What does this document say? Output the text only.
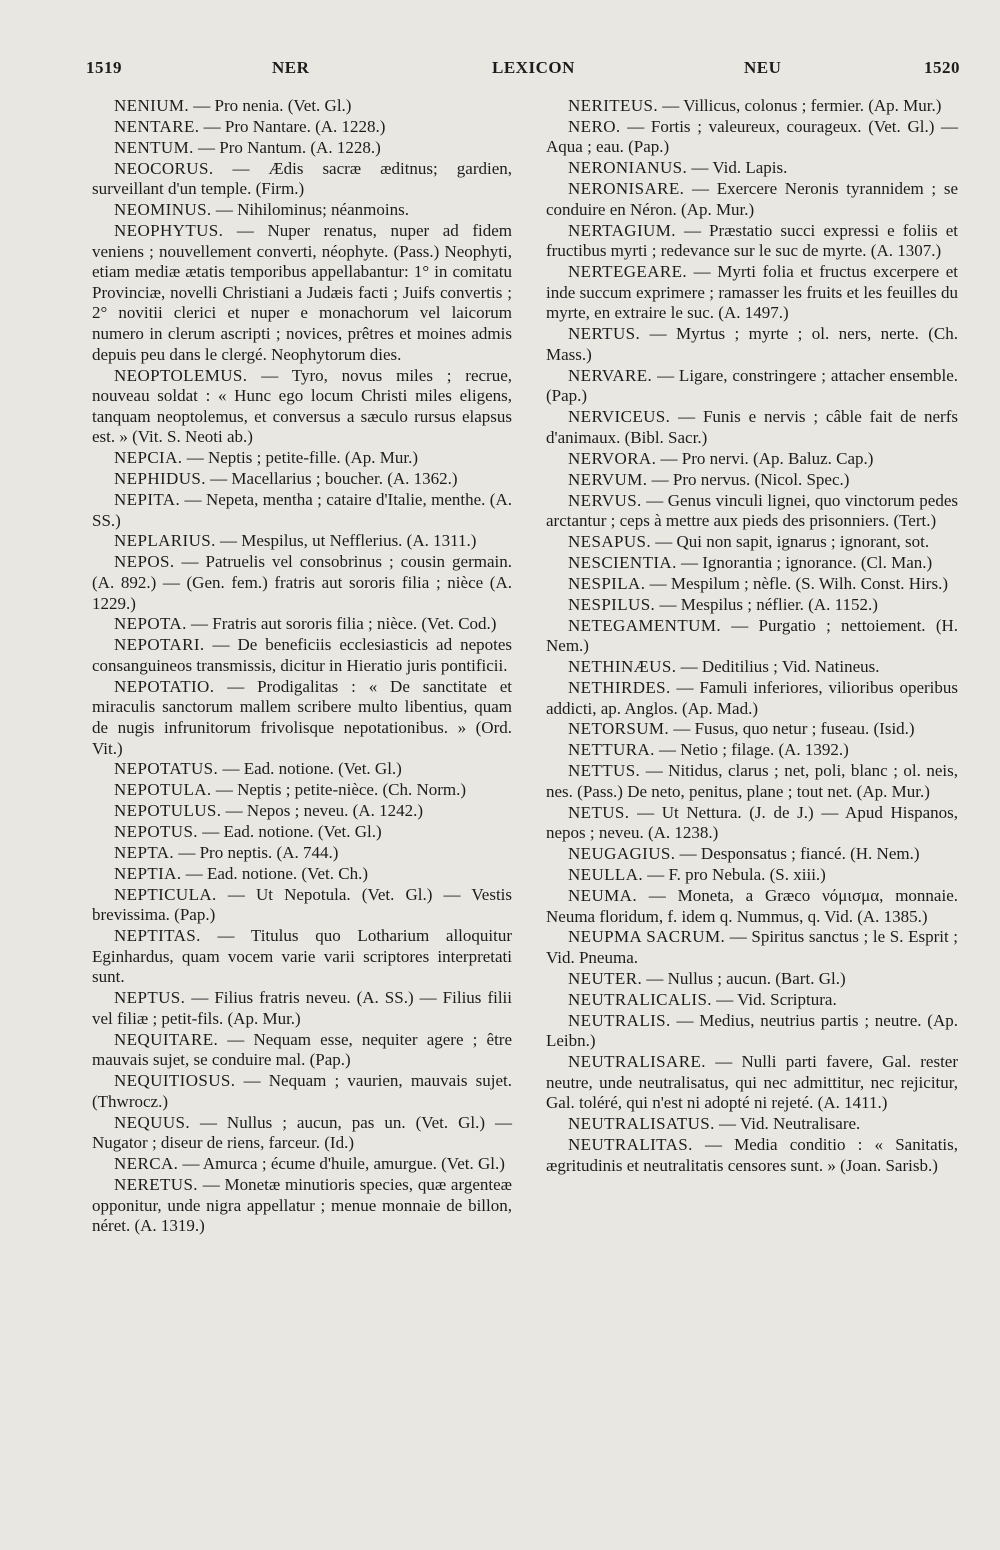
1519	NER	LEXICON	NEU	1520

NENIUM. — Pro nenia. (Vet. Gl.)

NENTARE. — Pro Nantare. (A. 1228.)

NENTUM. — Pro Nantum. (A. 1228.)

NEOCORUS. — Ædis sacræ æditnus; gardien, surveillant d'un temple. (Firm.)

NEOMINUS. — Nihilominus; néanmoins.

NEOPHYTUS. — Nuper renatus, nuper ad fidem veniens ; nouvellement converti, néophyte. (Pass.) Neophyti, etiam mediæ ætatis temporibus appellabantur: 1° in comitatu Provinciæ, novelli Christiani a Judæis facti ; Juifs convertis ; 2° novitii clerici et nuper e monachorum vel laicorum numero in clerum ascripti ; novices, prêtres et moines admis depuis peu dans le clergé. Neophytorum dies.

NEOPTOLEMUS. — Tyro, novus miles ; recrue, nouveau soldat : « Hunc ego locum Christi miles eligens, tanquam neoptolemus, et conversus a sæculo rursus elapsus est. » (Vit. S. Neoti ab.)

NEPCIA. — Neptis ; petite-fille. (Ap. Mur.)

NEPHIDUS. — Macellarius ; boucher. (A. 1362.)

NEPITA. — Nepeta, mentha ; cataire d'Italie, menthe. (A. SS.)

NEPLARIUS. — Mespilus, ut Nefflerius. (A. 1311.)

NEPOS. — Patruelis vel consobrinus ; cousin germain. (A. 892.) — (Gen. fem.) fratris aut sororis filia ; nièce (A. 1229.)

NEPOTA. — Fratris aut sororis filia ; nièce. (Vet. Cod.)

NEPOTARI. — De beneficiis ecclesiasticis ad nepotes consanguineos transmissis, dicitur in Hieratio juris pontificii.

NEPOTATIO. — Prodigalitas : « De sanctitate et miraculis sanctorum mallem scribere multo libentius, quam de nugis infrunitorum frivolisque nepotationibus. » (Ord. Vit.)

NEPOTATUS. — Ead. notione. (Vet. Gl.)

NEPOTULA. — Neptis ; petite-nièce. (Ch. Norm.)

NEPOTULUS. — Nepos ; neveu. (A. 1242.)

NEPOTUS. — Ead. notione. (Vet. Gl.)

NEPTA. — Pro neptis. (A. 744.)

NEPTIA. — Ead. notione. (Vet. Ch.)

NEPTICULA. — Ut Nepotula. (Vet. Gl.) — Vestis brevissima. (Pap.)

NEPTITAS. — Titulus quo Lotharium alloquitur Eginhardus, quam vocem varie varii scriptores interpretati sunt.

NEPTUS. — Filius fratris neveu. (A. SS.) — Filius filii vel filiæ ; petit-fils. (Ap. Mur.)

NEQUITARE. — Nequam esse, nequiter agere ; être mauvais sujet, se conduire mal. (Pap.)

NEQUITIOSUS. — Nequam ; vaurien, mauvais sujet. (Thwrocz.)

NEQUUS. — Nullus ; aucun, pas un. (Vet. Gl.) — Nugator ; diseur de riens, farceur. (Id.)

NERCA. — Amurca ; écume d'huile, amurgue. (Vet. Gl.)

NERETUS. — Monetæ minutioris species, quæ argenteæ opponitur, unde nigra appellatur ; menue monnaie de billon, néret. (A. 1319.)

NERITEUS. — Villicus, colonus ; fermier. (Ap. Mur.)

NERO. — Fortis ; valeureux, courageux. (Vet. Gl.) — Aqua ; eau. (Pap.)

NERONIANUS. — Vid. Lapis.

NERONISARE. — Exercere Neronis tyrannidem ; se conduire en Néron. (Ap. Mur.)

NERTAGIUM. — Præstatio succi expressi e foliis et fructibus myrti ; redevance sur le suc de myrte. (A. 1307.)

NERTEGEARE. — Myrti folia et fructus excerpere et inde succum exprimere ; ramasser les fruits et les feuilles du myrte, en extraire le suc. (A. 1497.)

NERTUS. — Myrtus ; myrte ; ol. ners, nerte. (Ch. Mass.)

NERVARE. — Ligare, constringere ; attacher ensemble. (Pap.)

NERVICEUS. — Funis e nervis ; câble fait de nerfs d'animaux. (Bibl. Sacr.)

NERVORA. — Pro nervi. (Ap. Baluz. Cap.)

NERVUM. — Pro nervus. (Nicol. Spec.)

NERVUS. — Genus vinculi lignei, quo vinctorum pedes arctantur ; ceps à mettre aux pieds des prisonniers. (Tert.)

NESAPUS. — Qui non sapit, ignarus ; ignorant, sot.

NESCIENTIA. — Ignorantia ; ignorance. (Cl. Man.)

NESPILA. — Mespilum ; nèfle. (S. Wilh. Const. Hirs.)

NESPILUS. — Mespilus ; néflier. (A. 1152.)

NETEGAMENTUM. — Purgatio ; nettoiement. (H. Nem.)

NETHINÆUS. — Deditilius ; Vid. Natineus.

NETHIRDES. — Famuli inferiores, vilioribus operibus addicti, ap. Anglos. (Ap. Mad.)

NETORSUM. — Fusus, quo netur ; fuseau. (Isid.)

NETTURA. — Netio ; filage. (A. 1392.)

NETTUS. — Nitidus, clarus ; net, poli, blanc ; ol. neis, nes. (Pass.) De neto, penitus, plane ; tout net. (Ap. Mur.)

NETUS. — Ut Nettura. (J. de J.) — Apud Hispanos, nepos ; neveu. (A. 1238.)

NEUGAGIUS. — Desponsatus ; fiancé. (H. Nem.)

NEULLA. — F. pro Nebula. (S. xiii.)

NEUMA. — Moneta, a Græco νόμισμα, monnaie. Neuma floridum, f. idem q. Nummus, q. Vid. (A. 1385.)

NEUPMA SACRUM. — Spiritus sanctus ; le S. Esprit ; Vid. Pneuma.

NEUTER. — Nullus ; aucun. (Bart. Gl.)

NEUTRALICALIS. — Vid. Scriptura.

NEUTRALIS. — Medius, neutrius partis ; neutre. (Ap. Leibn.)

NEUTRALISARE. — Nulli parti favere, Gal. rester neutre, unde neutralisatus, qui nec admittitur, nec rejicitur, Gal. toléré, qui n'est ni adopté ni rejeté. (A. 1411.)

NEUTRALISATUS. — Vid. Neutralisare.

NEUTRALITAS. — Media conditio : « Sanitatis, ægritudinis et neutralitatis censores sunt. » (Joan. Sarisb.)
